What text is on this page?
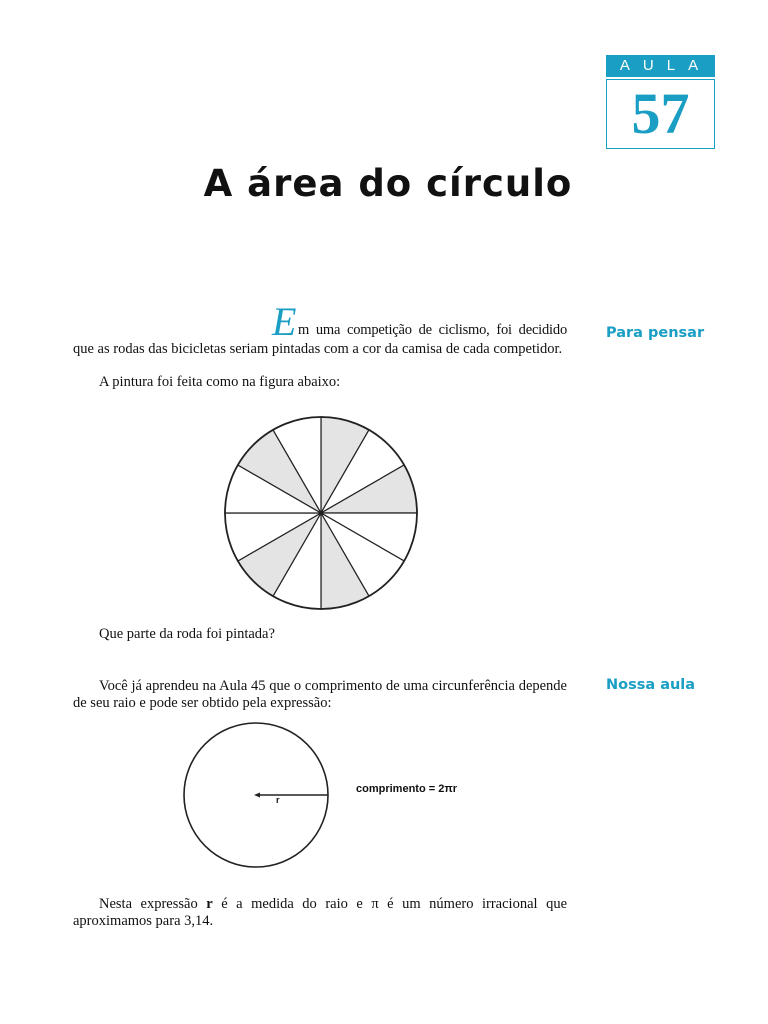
AULA
57
A área do círculo
Para pensar
E m uma competição de ciclismo, foi decidido

que as rodas das bicicletas seriam pintadas com a cor da camisa de cada competidor.

A pintura foi feita como na figura abaixo:

Que parte da roda foi pintada?

Nossa aula

Você já aprendeu na Aula 45 que o comprimento de uma circunferência depende de seu raio e pode ser obtido pela expressão:

r
comprimento = 2πr

Nesta expressão r é a medida do raio e π é um número irracional que aproximamos para 3,14.
